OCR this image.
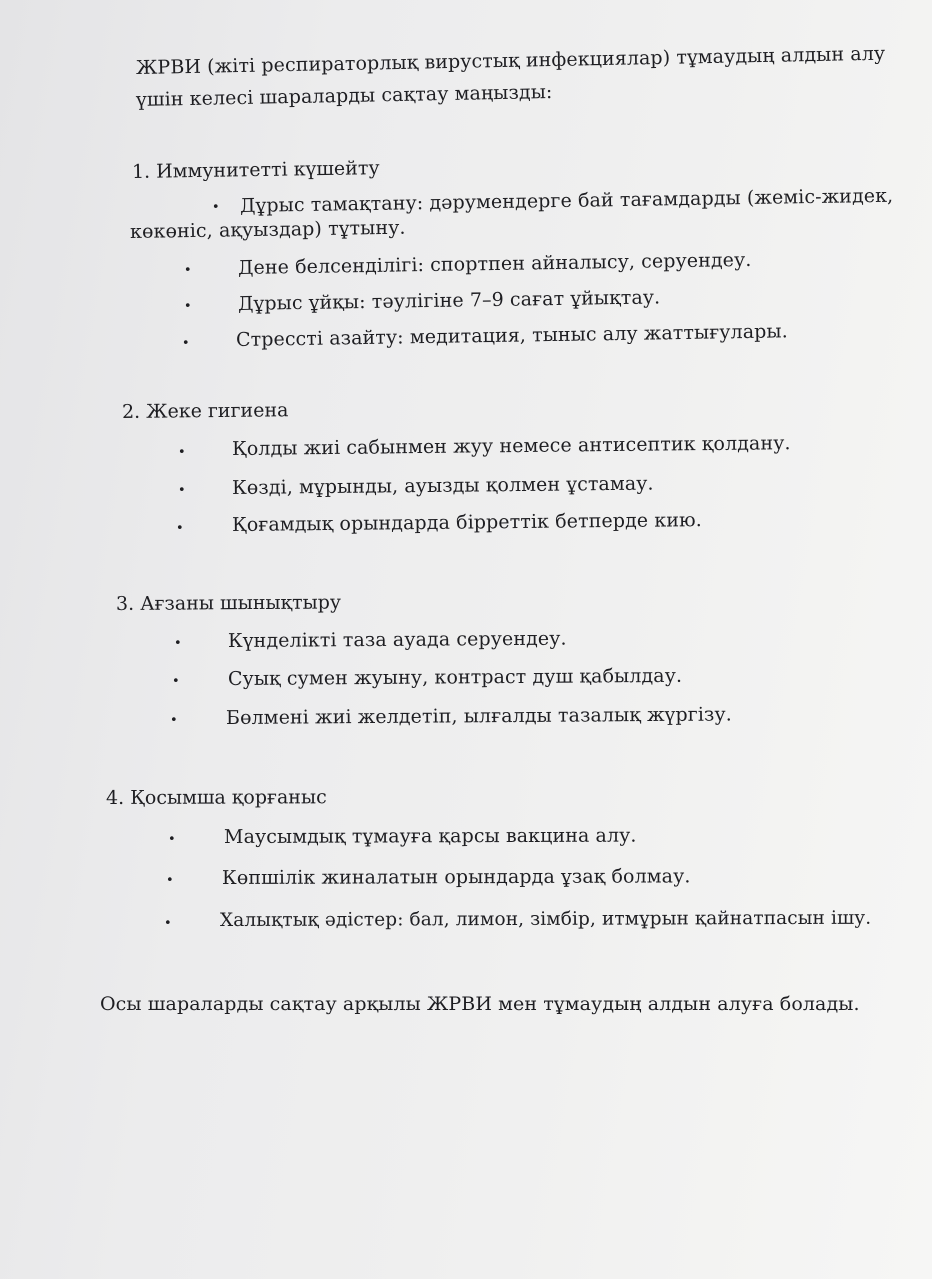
ЖРВИ (жіті респираторлық вирустық инфекциялар) тұмаудың алдын алу
үшін келесі шараларды сақтау маңызды:
1. Иммунитетті күшейту
• Дұрыс тамақтану: дәрумендерге бай тағамдарды (жеміс-жидек,
көкөніс, ақуыздар) тұтыну.
• Дене белсенділігі: спортпен айналысу, серуендеу.
• Дұрыс ұйқы: тәулігіне 7–9 сағат ұйықтау.
• Стрессті азайту: медитация, тыныс алу жаттығулары.
2. Жеке гигиена
• Қолды жиі сабынмен жуу немесе антисептик қолдану.
• Көзді, мұрынды, ауызды қолмен ұстамау.
•	Қоғамдық орындарда бірреттік бетперде кию.
3. Ағзаны шынықтыру
• Күнделікті таза ауада серуендеу.
•	Суық сумен жуыну, контраст душ қабылдау.
•	Бөлмені жиі желдетіп, ылғалды тазалық жүргізу.
4. Қосымша қорғаныс
•	Маусымдық тұмауға қарсы вакцина алу.
•	Көпшілік жиналатын орындарда ұзақ болмау.
•	Халықтық әдістер: бал, лимон, зімбір, итмұрын қайнатпасын ішу.
Осы шараларды сақтау арқылы ЖРВИ мен тұмаудың алдын алуға болады.
